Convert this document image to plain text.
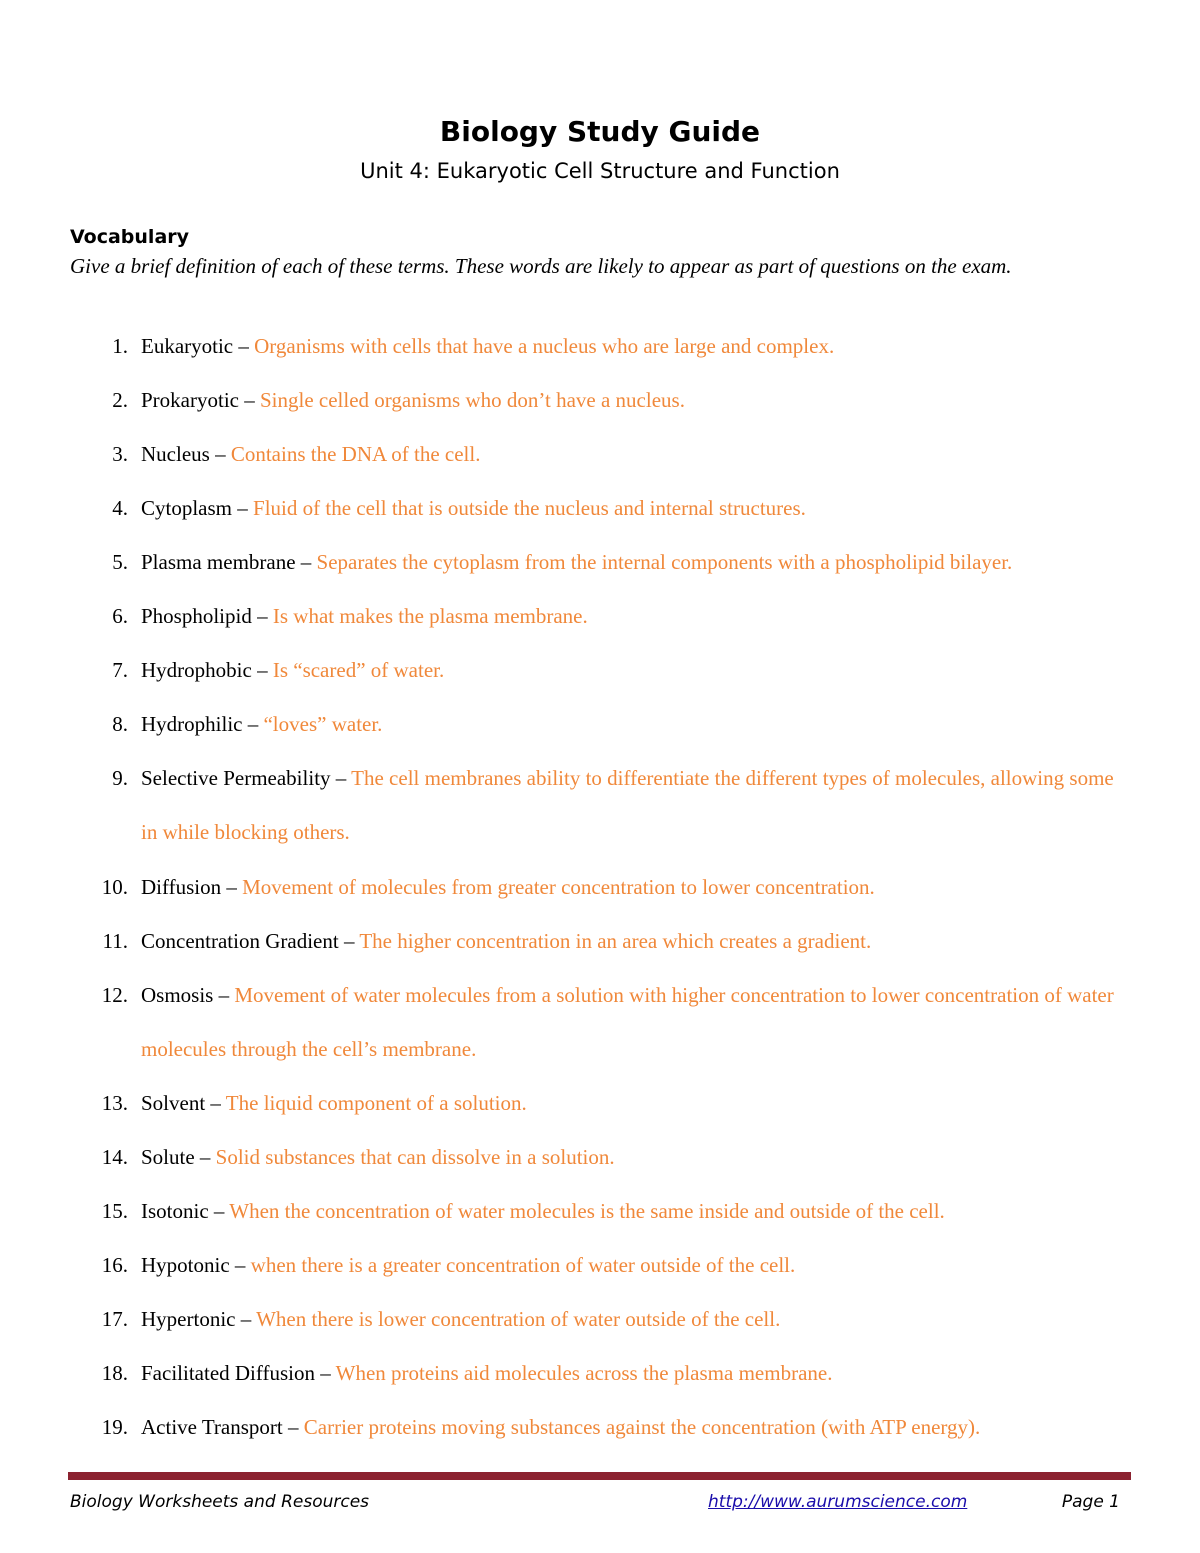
Biology Study Guide
Unit 4: Eukaryotic Cell Structure and Function
Vocabulary
Give a brief definition of each of these terms. These words are likely to appear as part of questions on the exam.
1. Eukaryotic – Organisms with cells that have a nucleus who are large and complex.
2. Prokaryotic – Single celled organisms who don’t have a nucleus.
3. Nucleus – Contains the DNA of the cell.
4. Cytoplasm – Fluid of the cell that is outside the nucleus and internal structures.
5. Plasma membrane – Separates the cytoplasm from the internal components with a phospholipid bilayer.
6. Phospholipid – Is what makes the plasma membrane.
7. Hydrophobic – Is “scared” of water.
8. Hydrophilic – “loves” water.
9. Selective Permeability – The cell membranes ability to differentiate the different types of molecules, allowing some in while blocking others.
10. Diffusion – Movement of molecules from greater concentration to lower concentration.
11. Concentration Gradient – The higher concentration in an area which creates a gradient.
12. Osmosis – Movement of water molecules from a solution with higher concentration to lower concentration of water molecules through the cell’s membrane.
13. Solvent – The liquid component of a solution.
14. Solute – Solid substances that can dissolve in a solution.
15. Isotonic – When the concentration of water molecules is the same inside and outside of the cell.
16. Hypotonic – when there is a greater concentration of water outside of the cell.
17. Hypertonic – When there is lower concentration of water outside of the cell.
18. Facilitated Diffusion – When proteins aid molecules across the plasma membrane.
19. Active Transport – Carrier proteins moving substances against the concentration (with ATP energy).
Biology Worksheets and Resources	http://www.aurumscience.com	Page 1
